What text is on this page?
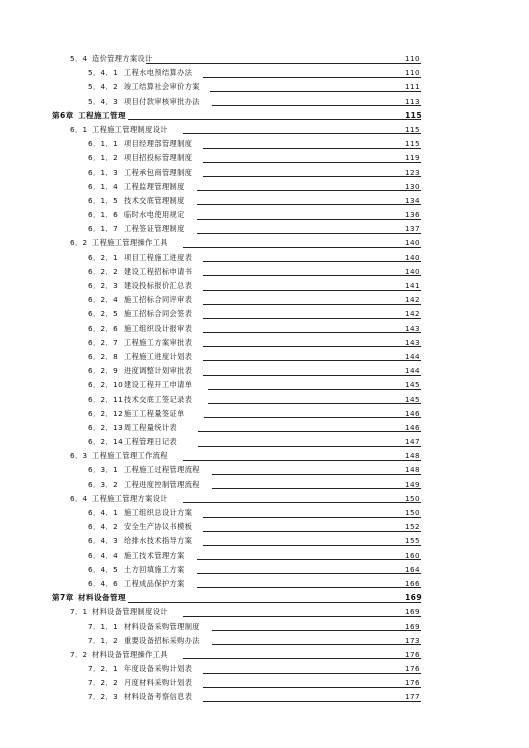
5．4 造价管理方案设计	110
5．4．1 工程水电预结算办法	110
5．4．2 竣工结算社会审价方案	111
5．4．3 项目付款审核审批办法	113
第6章 工程施工管理	115
6．1 工程施工管理制度设计	115
6．1．1 项目经理部管理制度	115
6．1．2 项目招投标管理制度	119
6．1．3 工程承包商管理制度	123
6．1．4 工程监理管理制度	130
6．1．5 技术交底管理制度	134
6．1．6 临时水电使用规定	136
6．1．7 工程签证管理制度	137
6．2 工程施工管理操作工具	140
6．2．1 项目工程施工进度表	140
6．2．2 建设工程招标申请书	140
6．2．3 建设投标报价汇总表	141
6．2．4 施工招标合同评审表	142
6．2．5 施工招标合同会签表	142
6．2．6 施工组织设计报审表	143
6．2．7 工程施工方案审批表	143
6．2．8 工程施工进度计划表	144
6．2．9 进度调整计划审批表	144
6．2．10 建设工程开工申请单	145
6．2．11 技术交底工签记录表	145
6．2．12 施工工程量签证单	146
6．2．13 周工程量统计表	146
6．2．14 工程管理日记表	147
6．3 工程施工管理工作流程	148
6．3．1 工程施工过程管理流程	148
6．3．2 工程进度控制管理流程	149
6．4 工程施工管理方案设计	150
6．4．1 施工组织总设计方案	150
6．4．2 安全生产协议书模板	152
6．4．3 给排水技术指导方案	155
6．4．4 施工技术管理方案	160
6．4．5 土方回填施工方案	164
6．4．6 工程成品保护方案	166
第7章 材料设备管理	169
7．1 材料设备管理制度设计	169
7．1．1 材料设备采购管理制度	169
7．1．2 重要设备招标采购办法	173
7．2 材料设备管理操作工具	176
7．2．1 年度设备采购计划表	176
7．2．2 月度材料采购计划表	176
7．2．3 材料设备考察信息表	177
